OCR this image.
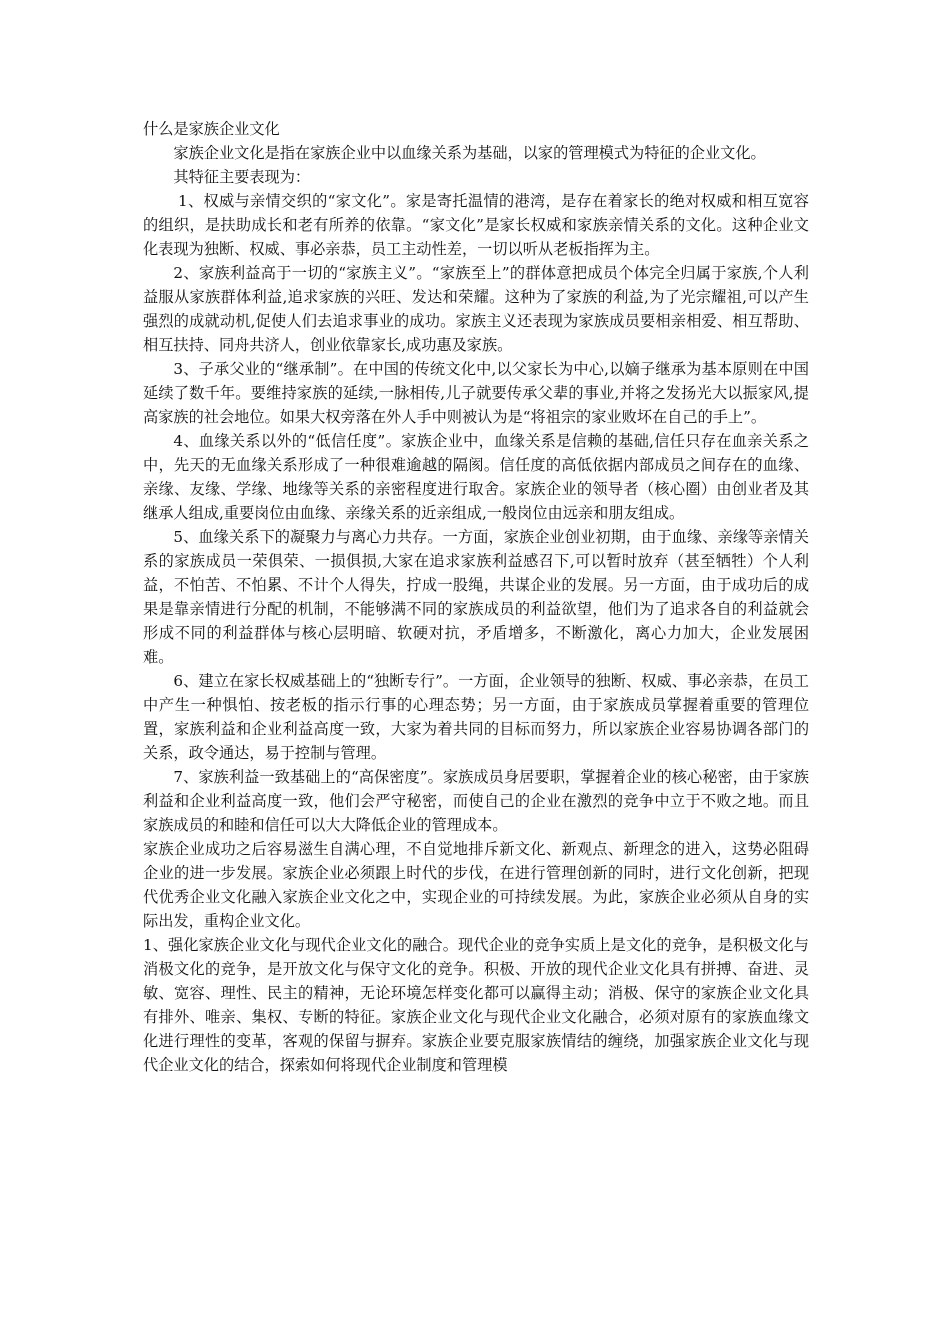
什么是家族企业文化

家族企业文化是指在家族企业中以血缘关系为基础，以家的管理模式为特征的企业文化。

其特征主要表现为：

1、权威与亲情交织的“家文化”。家是寄托温情的港湾，是存在着家长的绝对权威和相互宽容的组织，是扶助成长和老有所养的依靠。“家文化”是家长权威和家族亲情关系的文化。这种企业文化表现为独断、权威、事必亲恭，员工主动性差，一切以听从老板指挥为主。

2、家族利益高于一切的“家族主义”。“家族至上”的群体意把成员个体完全归属于家族,个人利益服从家族群体利益,追求家族的兴旺、发达和荣耀。这种为了家族的利益,为了光宗耀祖,可以产生强烈的成就动机,促使人们去追求事业的成功。家族主义还表现为家族成员要相亲相爱、相互帮助、相互扶持、同舟共济人，创业依靠家长,成功惠及家族。

3、子承父业的“继承制”。在中国的传统文化中,以父家长为中心,以嫡子继承为基本原则在中国延续了数千年。要维持家族的延续,一脉相传,儿子就要传承父辈的事业,并将之发扬光大以振家风,提高家族的社会地位。如果大权旁落在外人手中则被认为是“将祖宗的家业败坏在自己的手上”。

4、血缘关系以外的“低信任度”。家族企业中，血缘关系是信赖的基础,信任只存在血亲关系之中，先天的无血缘关系形成了一种很难逾越的隔阂。信任度的高低依据内部成员之间存在的血缘、亲缘、友缘、学缘、地缘等关系的亲密程度进行取舍。家族企业的领导者（核心圈）由创业者及其继承人组成,重要岗位由血缘、亲缘关系的近亲组成,一般岗位由远亲和朋友组成。

5、血缘关系下的凝聚力与离心力共存。一方面，家族企业创业初期，由于血缘、亲缘等亲情关系的家族成员一荣俱荣、一损俱损,大家在追求家族利益感召下,可以暂时放弃（甚至牺牲）个人利益，不怕苦、不怕累、不计个人得失，拧成一股绳，共谋企业的发展。另一方面，由于成功后的成果是靠亲情进行分配的机制，不能够满不同的家族成员的利益欲望，他们为了追求各自的利益就会形成不同的利益群体与核心层明暗、软硬对抗，矛盾增多，不断激化，离心力加大，企业发展困难。

6、建立在家长权威基础上的“独断专行”。一方面，企业领导的独断、权威、事必亲恭，在员工中产生一种惧怕、按老板的指示行事的心理态势；另一方面，由于家族成员掌握着重要的管理位置，家族利益和企业利益高度一致，大家为着共同的目标而努力，所以家族企业容易协调各部门的关系，政令通达，易于控制与管理。

7、家族利益一致基础上的“高保密度”。家族成员身居要职，掌握着企业的核心秘密，由于家族利益和企业利益高度一致，他们会严守秘密，而使自己的企业在激烈的竞争中立于不败之地。而且家族成员的和睦和信任可以大大降低企业的管理成本。

家族企业成功之后容易滋生自满心理，不自觉地排斥新文化、新观点、新理念的进入，这势必阻碍企业的进一步发展。家族企业必须跟上时代的步伐，在进行管理创新的同时，进行文化创新，把现代优秀企业文化融入家族企业文化之中，实现企业的可持续发展。为此，家族企业必须从自身的实际出发，重构企业文化。

1、强化家族企业文化与现代企业文化的融合。现代企业的竞争实质上是文化的竞争，是积极文化与消极文化的竞争，是开放文化与保守文化的竞争。积极、开放的现代企业文化具有拼搏、奋进、灵敏、宽容、理性、民主的精神，无论环境怎样变化都可以赢得主动；消极、保守的家族企业文化具有排外、唯亲、集权、专断的特征。家族企业文化与现代企业文化融合，必须对原有的家族血缘文化进行理性的变革，客观的保留与摒弃。家族企业要克服家族情结的缠绕，加强家族企业文化与现代企业文化的结合，探索如何将现代企业制度和管理模
